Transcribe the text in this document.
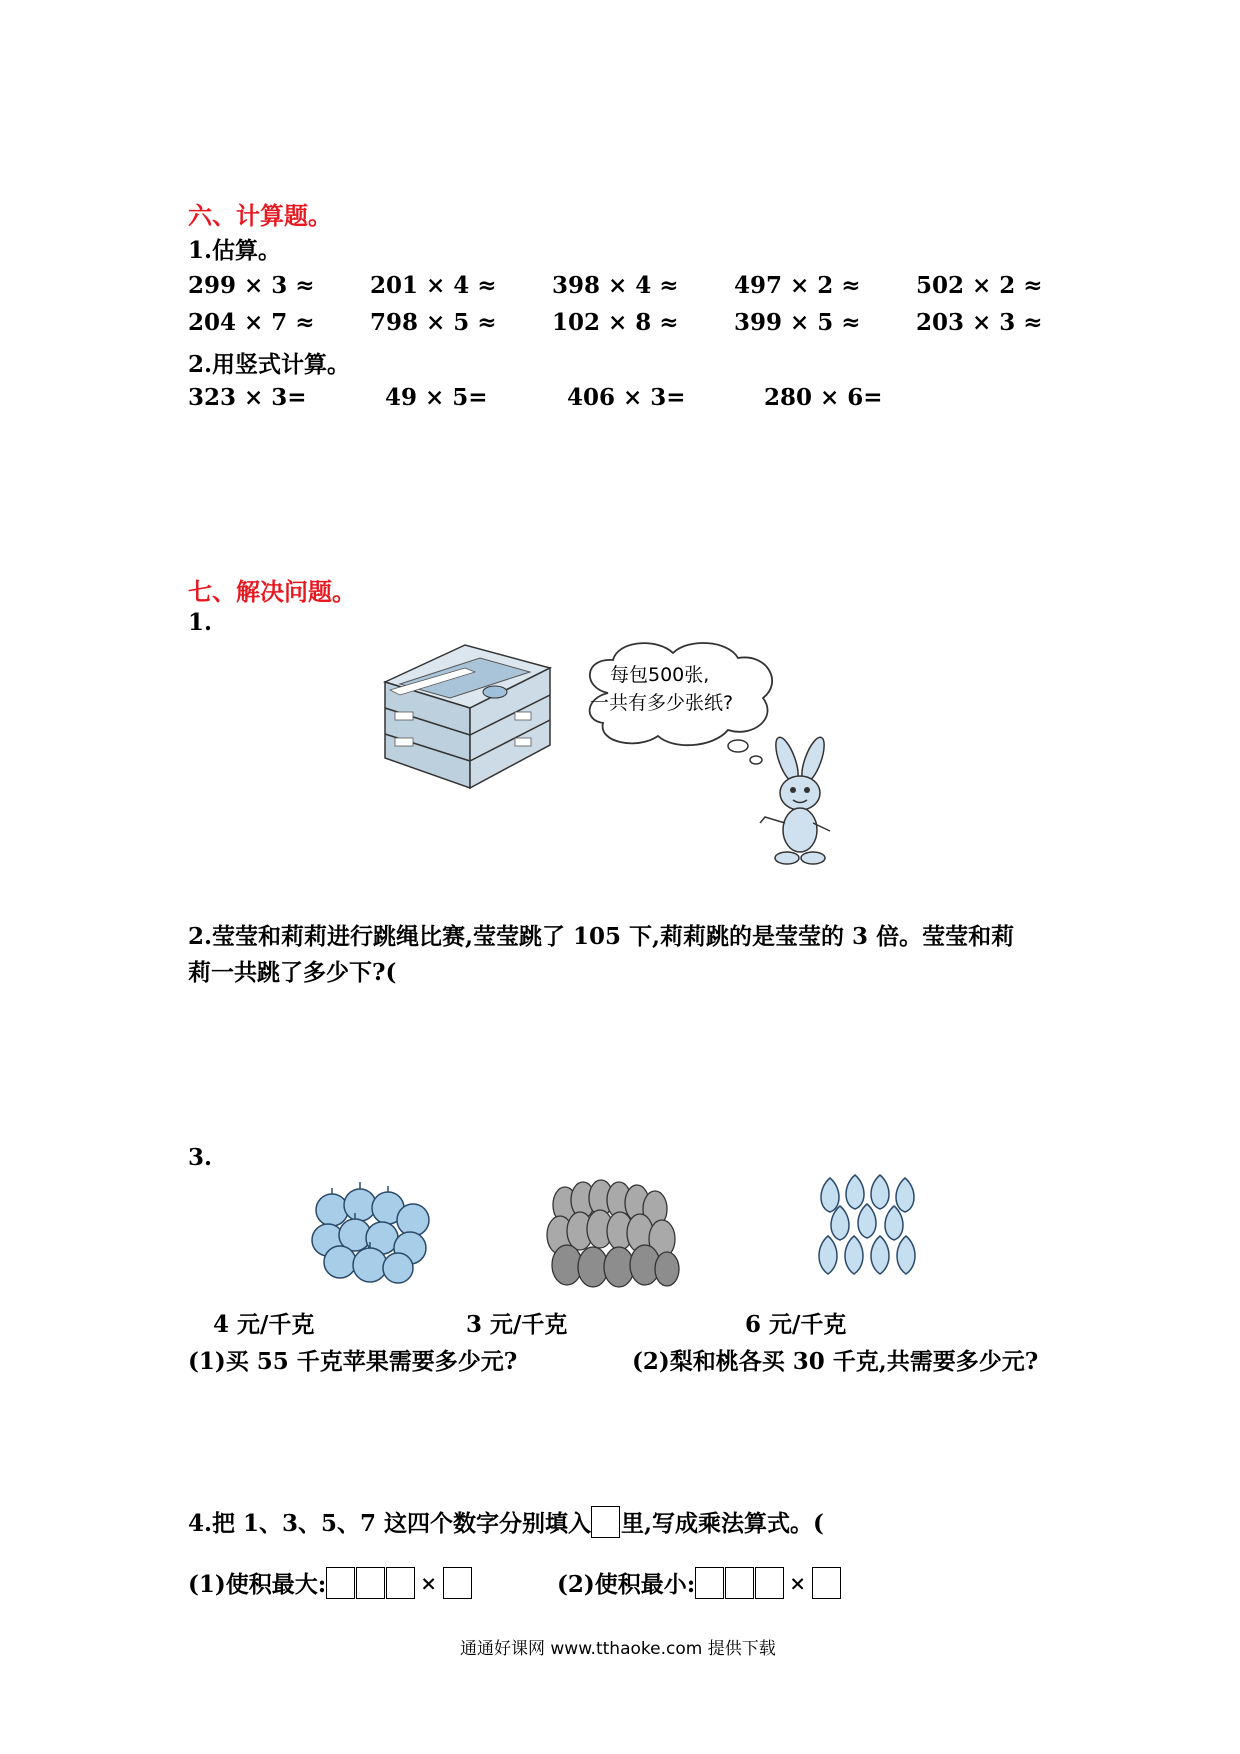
六、计算题。
1.估算。
299 × 3 ≈	201 × 4 ≈	398 × 4 ≈	497 × 2 ≈	502 × 2 ≈
204 × 7 ≈	798 × 5 ≈	102 × 8 ≈	399 × 5 ≈	203 × 3 ≈
2.用竖式计算。
323 × 3=	49 × 5=	406 × 3=	280 × 6=
七、解决问题。
1.
每包500张,
一共有多少张纸?
2.莹莹和莉莉进行跳绳比赛,莹莹跳了 105 下,莉莉跳的是莹莹的 3 倍。莹莹和莉
莉一共跳了多少下?(
3.
4 元/千克	3 元/千克	6 元/千克
(1)买 55 千克苹果需要多少元?	(2)梨和桃各买 30 千克,共需要多少元?
4.把 1、3、5、7 这四个数字分别填入 里,写成乘法算式。(
(1)使积最大:	×	(2)使积最小:	×
通通好课网 www.tthaoke.com 提供下载
